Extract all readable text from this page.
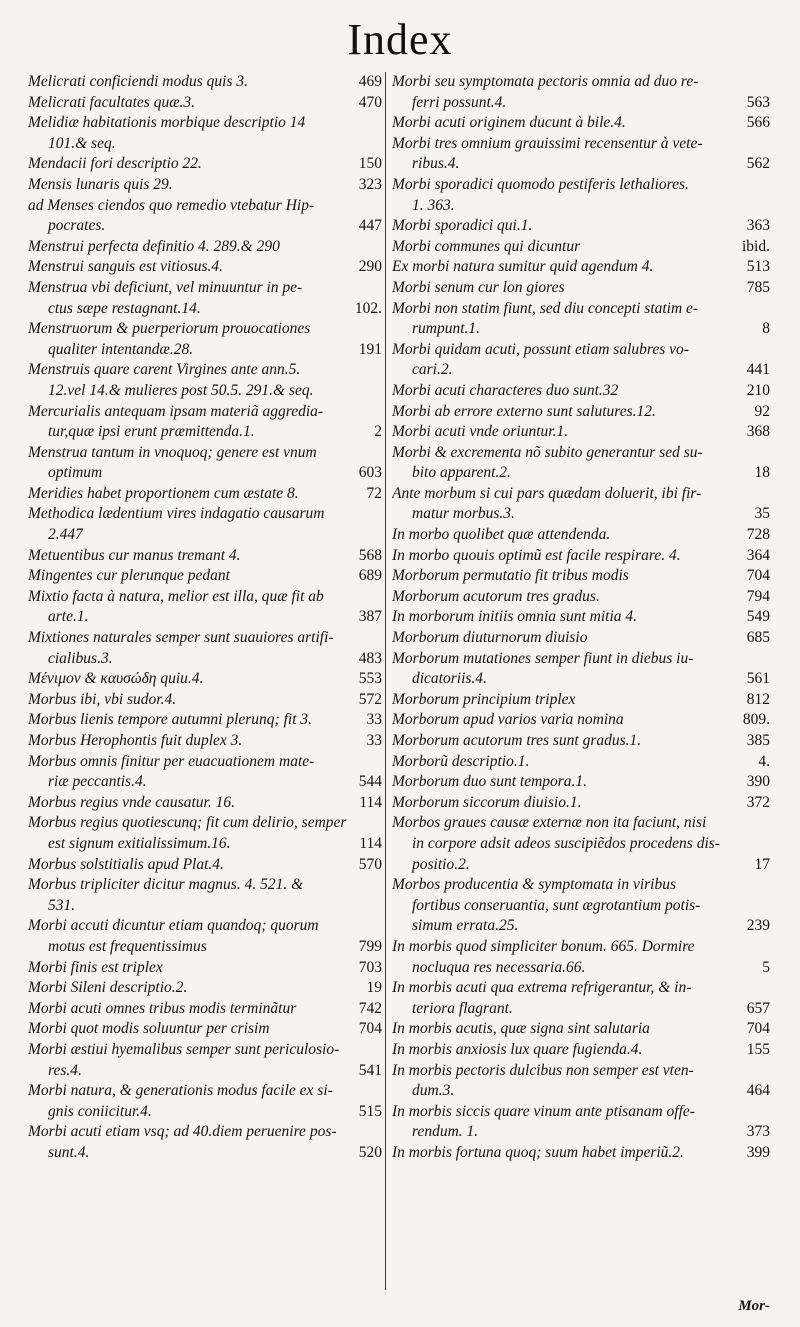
Index
Melicrati conficiendi modus quis 3.	469
Melicrati facultates quæ.3.	470
Melidiæ habitationis morbique descriptio 14
101.& seq.
Mendacii fori descriptio 22.	150
Mensis lunaris quis 29.	323
ad Menses ciendos quo remedio vtebatur Hip-
pocrates.	447
Menstrui perfecta definitio 4. 289.& 290
Menstrui sanguis est vitiosus.4.	290
Menstrua vbi deficiunt, vel minuuntur in pe-
ctus sæpe restagnant.14.	102.
Menstruorum & puerperiorum prouocationes
qualiter intentandæ.28.	191
Menstruis quare carent Virgines ante ann.5.
12.vel 14.& mulieres post 50.5. 291.& seq.
Mercurialis antequam ipsam materiã aggredia-
tur,quæ ipsi erunt præmittenda.1.	2
Menstrua tantum in vnoquoq; genere est vnum
optimum	603
Meridies habet proportionem cum æstate 8.	72
Methodica lædentium vires indagatio causarum
2.447
Metuentibus cur manus tremant 4.	568
Mingentes cur plerunque pedant	689
Mixtio facta à natura, melior est illa, quæ fit ab
arte.1.	387
Mixtiones naturales semper sunt suauiores artifi-
cialibus.3.	483
Μένιμον & καυσώδη quiu.4.	553
Morbus ibi, vbi sudor.4.	572
Morbus lienis tempore autumni plerunq; fit 3.	33
Morbus Herophontis fuit duplex 3.	33
Morbus omnis finitur per euacuationem mate-
riæ peccantis.4.	544
Morbus regius vnde causatur. 16.	114
Morbus regius quotiescunq; fit cum delirio, semper
est signum exitialissimum.16.	114
Morbus solstitialis apud Plat.4.	570
Morbus tripliciter dicitur magnus. 4. 521. &
531.
Morbi accuti dicuntur etiam quandoq; quorum
motus est frequentissimus	799
Morbi finis est triplex	703
Morbi Sileni descriptio.2.	19
Morbi acuti omnes tribus modis terminãtur	742
Morbi quot modis soluuntur per crisim	704
Morbi æstiui hyemalibus semper sunt periculosio-
res.4.	541
Morbi natura, & generationis modus facile ex si-
gnis coniicitur.4.	515
Morbi acuti etiam vsq; ad 40.diem peruenire pos-
sunt.4.	520
Morbi seu symptomata pectoris omnia ad duo re-
ferri possunt.4.	563
Morbi acuti originem ducunt à bile.4.	566
Morbi tres omnium grauissimi recensentur à vete-
ribus.4.	562
Morbi sporadici quomodo pestiferis lethaliores.
1. 363.
Morbi sporadici qui.1.	363
Morbi communes qui dicuntur	ibid.
Ex morbi natura sumitur quid agendum 4.	513
Morbi senum cur lon giores	785
Morbi non statim fiunt, sed diu concepti statim e-
rumpunt.1.	8
Morbi quidam acuti, possunt etiam salubres vo-
cari.2.	441
Morbi acuti characteres duo sunt.32	210
Morbi ab errore externo sunt salutures.12.	92
Morbi acuti vnde oriuntur.1.	368
Morbi & excrementa nõ subito generantur sed su-
bito apparent.2.	18
Ante morbum si cui pars quædam doluerit, ibi fir-
matur morbus.3.	35
In morbo quolibet quæ attendenda.	728
In morbo quouis optimũ est facile respirare. 4.	364
Morborum permutatio fit tribus modis	704
Morborum acutorum tres gradus.	794
In morborum initiis omnia sunt mitia 4.	549
Morborum diuturnorum diuisio	685
Morborum mutationes semper fiunt in diebus iu-
dicatoriis.4.	561
Morborum principium triplex	812
Morborum apud varios varia nomina	809.
Morborum acutorum tres sunt gradus.1.	385
Morborũ descriptio.1.	4.
Morborum duo sunt tempora.1.	390
Morborum siccorum diuisio.1.	372
Morbos graues causæ externæ non ita faciunt, nisi
in corpore adsit adeos suscipiẽdos procedens dis-
positio.2.	17
Morbos producentia & symptomata in viribus
fortibus conseruantia, sunt ægrotantium potis-
simum errata.25.	239
In morbis quod simpliciter bonum. 665. Dormire
nocluqua res necessaria.66.	5
In morbis acuti qua extrema refrigerantur, & in-
teriora flagrant.	657
In morbis acutis, quæ signa sint salutaria	704
In morbis anxiosis lux quare fugienda.4.	155
In morbis pectoris dulcibus non semper est vten-
dum.3.	464
In morbis siccis quare vinum ante ptisanam offe-
rendum. 1.	373
In morbis fortuna quoq; suum habet imperiũ.2.	399
Mor-
